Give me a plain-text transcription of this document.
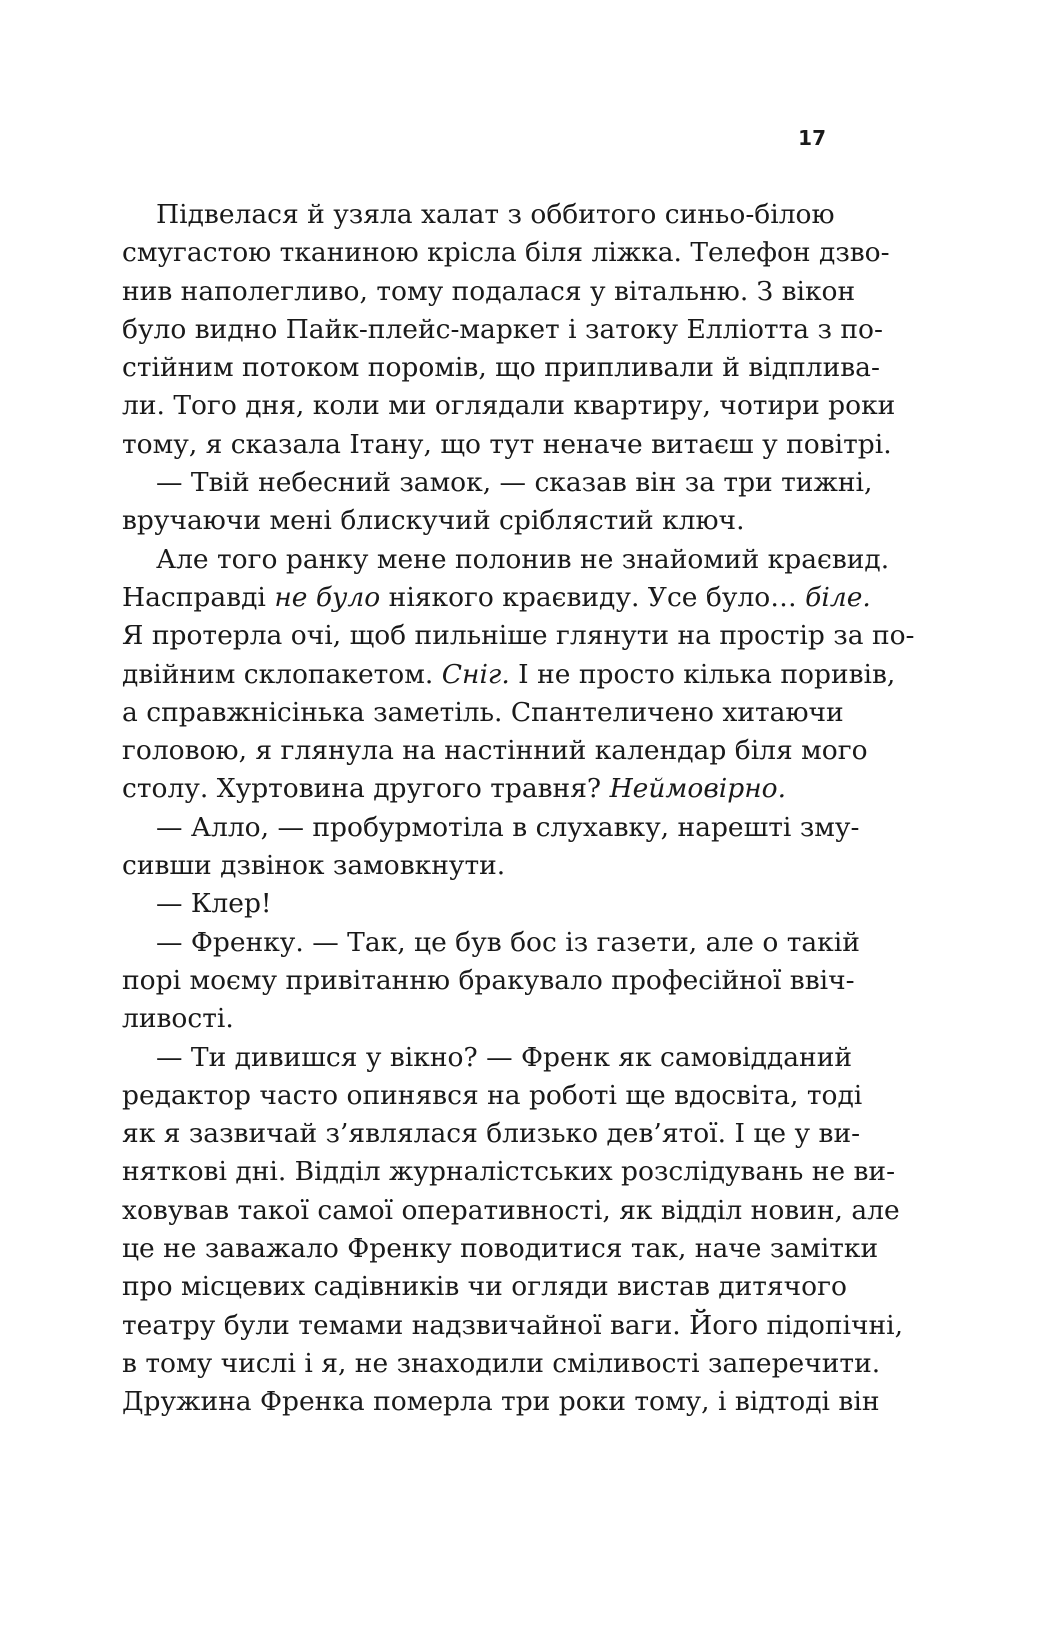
17
Підвелася й узяла халат з оббитого синьо-білою
смугастою тканиною крісла біля ліжка. Телефон дзво-
нив наполегливо, тому подалася у вітальню. З вікон
було видно Пайк-плейс-маркет і затоку Еллiотта з по-
стійним потоком поромів, що припливали й відплива-
ли. Того дня, коли ми оглядали квартиру, чотири роки
тому, я сказала Ітану, що тут неначе витаєш у повітрі.
— Твій небесний замок, — сказав він за три тижні,
вручаючи мені блискучий сріблястий ключ.
Але того ранку мене полонив не знайомий краєвид.
Насправді не було ніякого краєвиду. Усе було… біле.
Я протерла очі, щоб пильніше глянути на простір за по-
двійним склопакетом. Сніг. І не просто кілька поривів,
а справжнісінька заметіль. Спантеличено хитаючи
головою, я глянула на настінний календар біля мого
столу. Хуртовина другого травня? Неймовірно.
— Алло, — пробурмотіла в слухавку, нарешті зму-
сивши дзвінок замовкнути.
— Клер!
— Френку. — Так, це був бос із газети, але о такій
порі моєму привітанню бракувало професійної ввіч-
ливості.
— Ти дивишся у вікно? — Френк як самовідданий
редактор часто опинявся на роботі ще вдосвіта, тоді
як я зазвичай з’являлася близько дев’ятої. І це у ви-
няткові дні. Відділ журналістських розслідувань не ви-
ховував такої самої оперативності, як відділ новин, але
це не заважало Френку поводитися так, наче замітки
про місцевих садівників чи огляди вистав дитячого
театру були темами надзвичайної ваги. Його підопічні,
в тому числі і я, не знаходили сміливості заперечити.
Дружина Френка померла три роки тому, і відтоді він
